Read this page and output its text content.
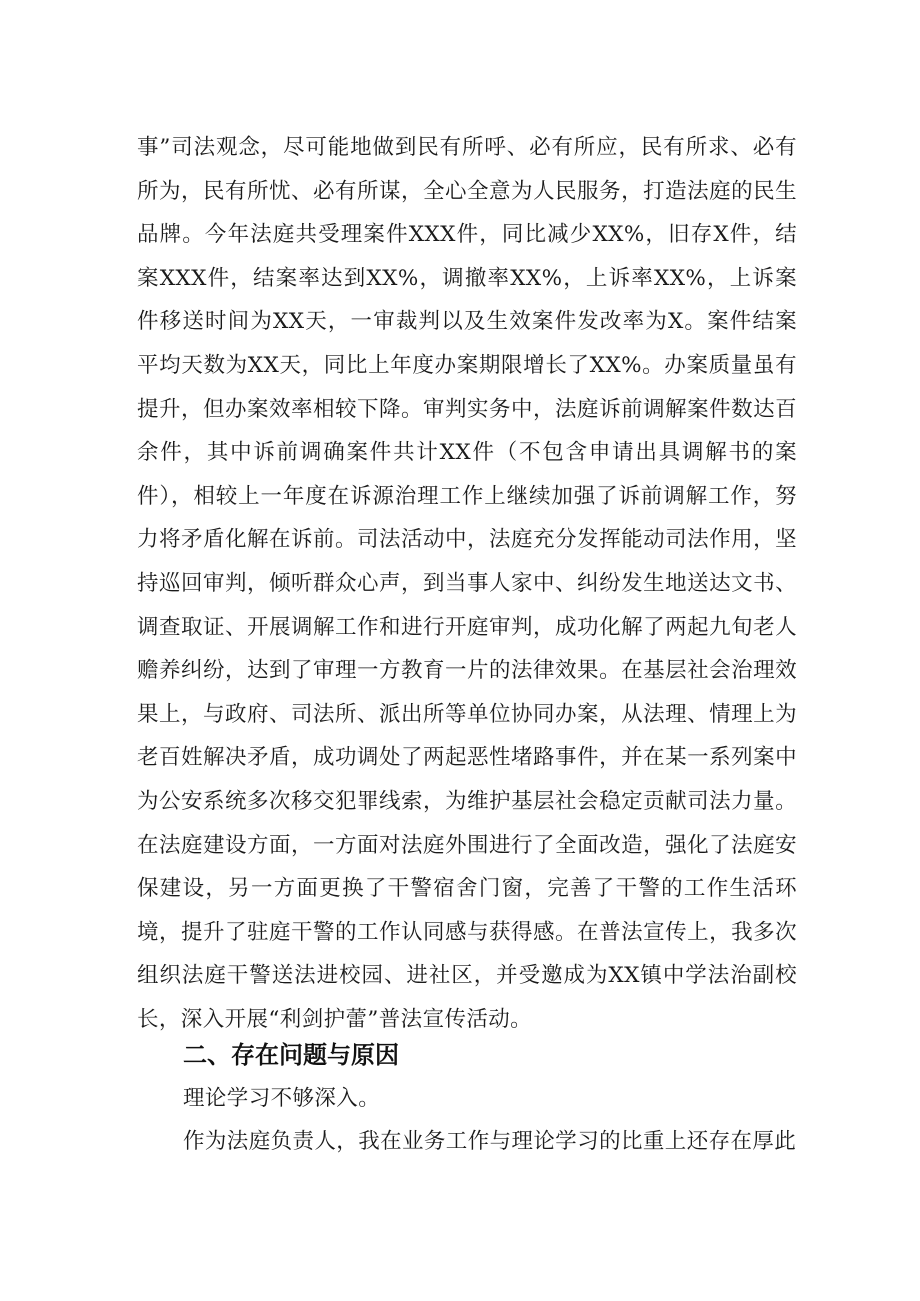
事”司法观念，尽可能地做到民有所呼、必有所应，民有所求、必有所为，民有所忧、必有所谋，全心全意为人民服务，打造法庭的民生品牌。今年法庭共受理案件XXX件，同比减少XX%，旧存X件，结案XXX件，结案率达到XX%，调撤率XX%，上诉率XX%，上诉案件移送时间为XX天，一审裁判以及生效案件发改率为X。案件结案平均天数为XX天，同比上年度办案期限增长了XX%。办案质量虽有提升，但办案效率相较下降。审判实务中，法庭诉前调解案件数达百余件，其中诉前调确案件共计XX件（不包含申请出具调解书的案件），相较上一年度在诉源治理工作上继续加强了诉前调解工作，努力将矛盾化解在诉前。司法活动中，法庭充分发挥能动司法作用，坚持巡回审判，倾听群众心声，到当事人家中、纠纷发生地送达文书、调查取证、开展调解工作和进行开庭审判，成功化解了两起九旬老人赡养纠纷，达到了审理一方教育一片的法律效果。在基层社会治理效果上，与政府、司法所、派出所等单位协同办案，从法理、情理上为老百姓解决矛盾，成功调处了两起恶性堵路事件，并在某一系列案中为公安系统多次移交犯罪线索，为维护基层社会稳定贡献司法力量。在法庭建设方面，一方面对法庭外围进行了全面改造，强化了法庭安保建设，另一方面更换了干警宿舍门窗，完善了干警的工作生活环境，提升了驻庭干警的工作认同感与获得感。在普法宣传上，我多次组织法庭干警送法进校园、进社区，并受邀成为XX镇中学法治副校长，深入开展“利剑护蕾”普法宣传活动。

二、存在问题与原因

理论学习不够深入。

作为法庭负责人，我在业务工作与理论学习的比重上还存在厚此
